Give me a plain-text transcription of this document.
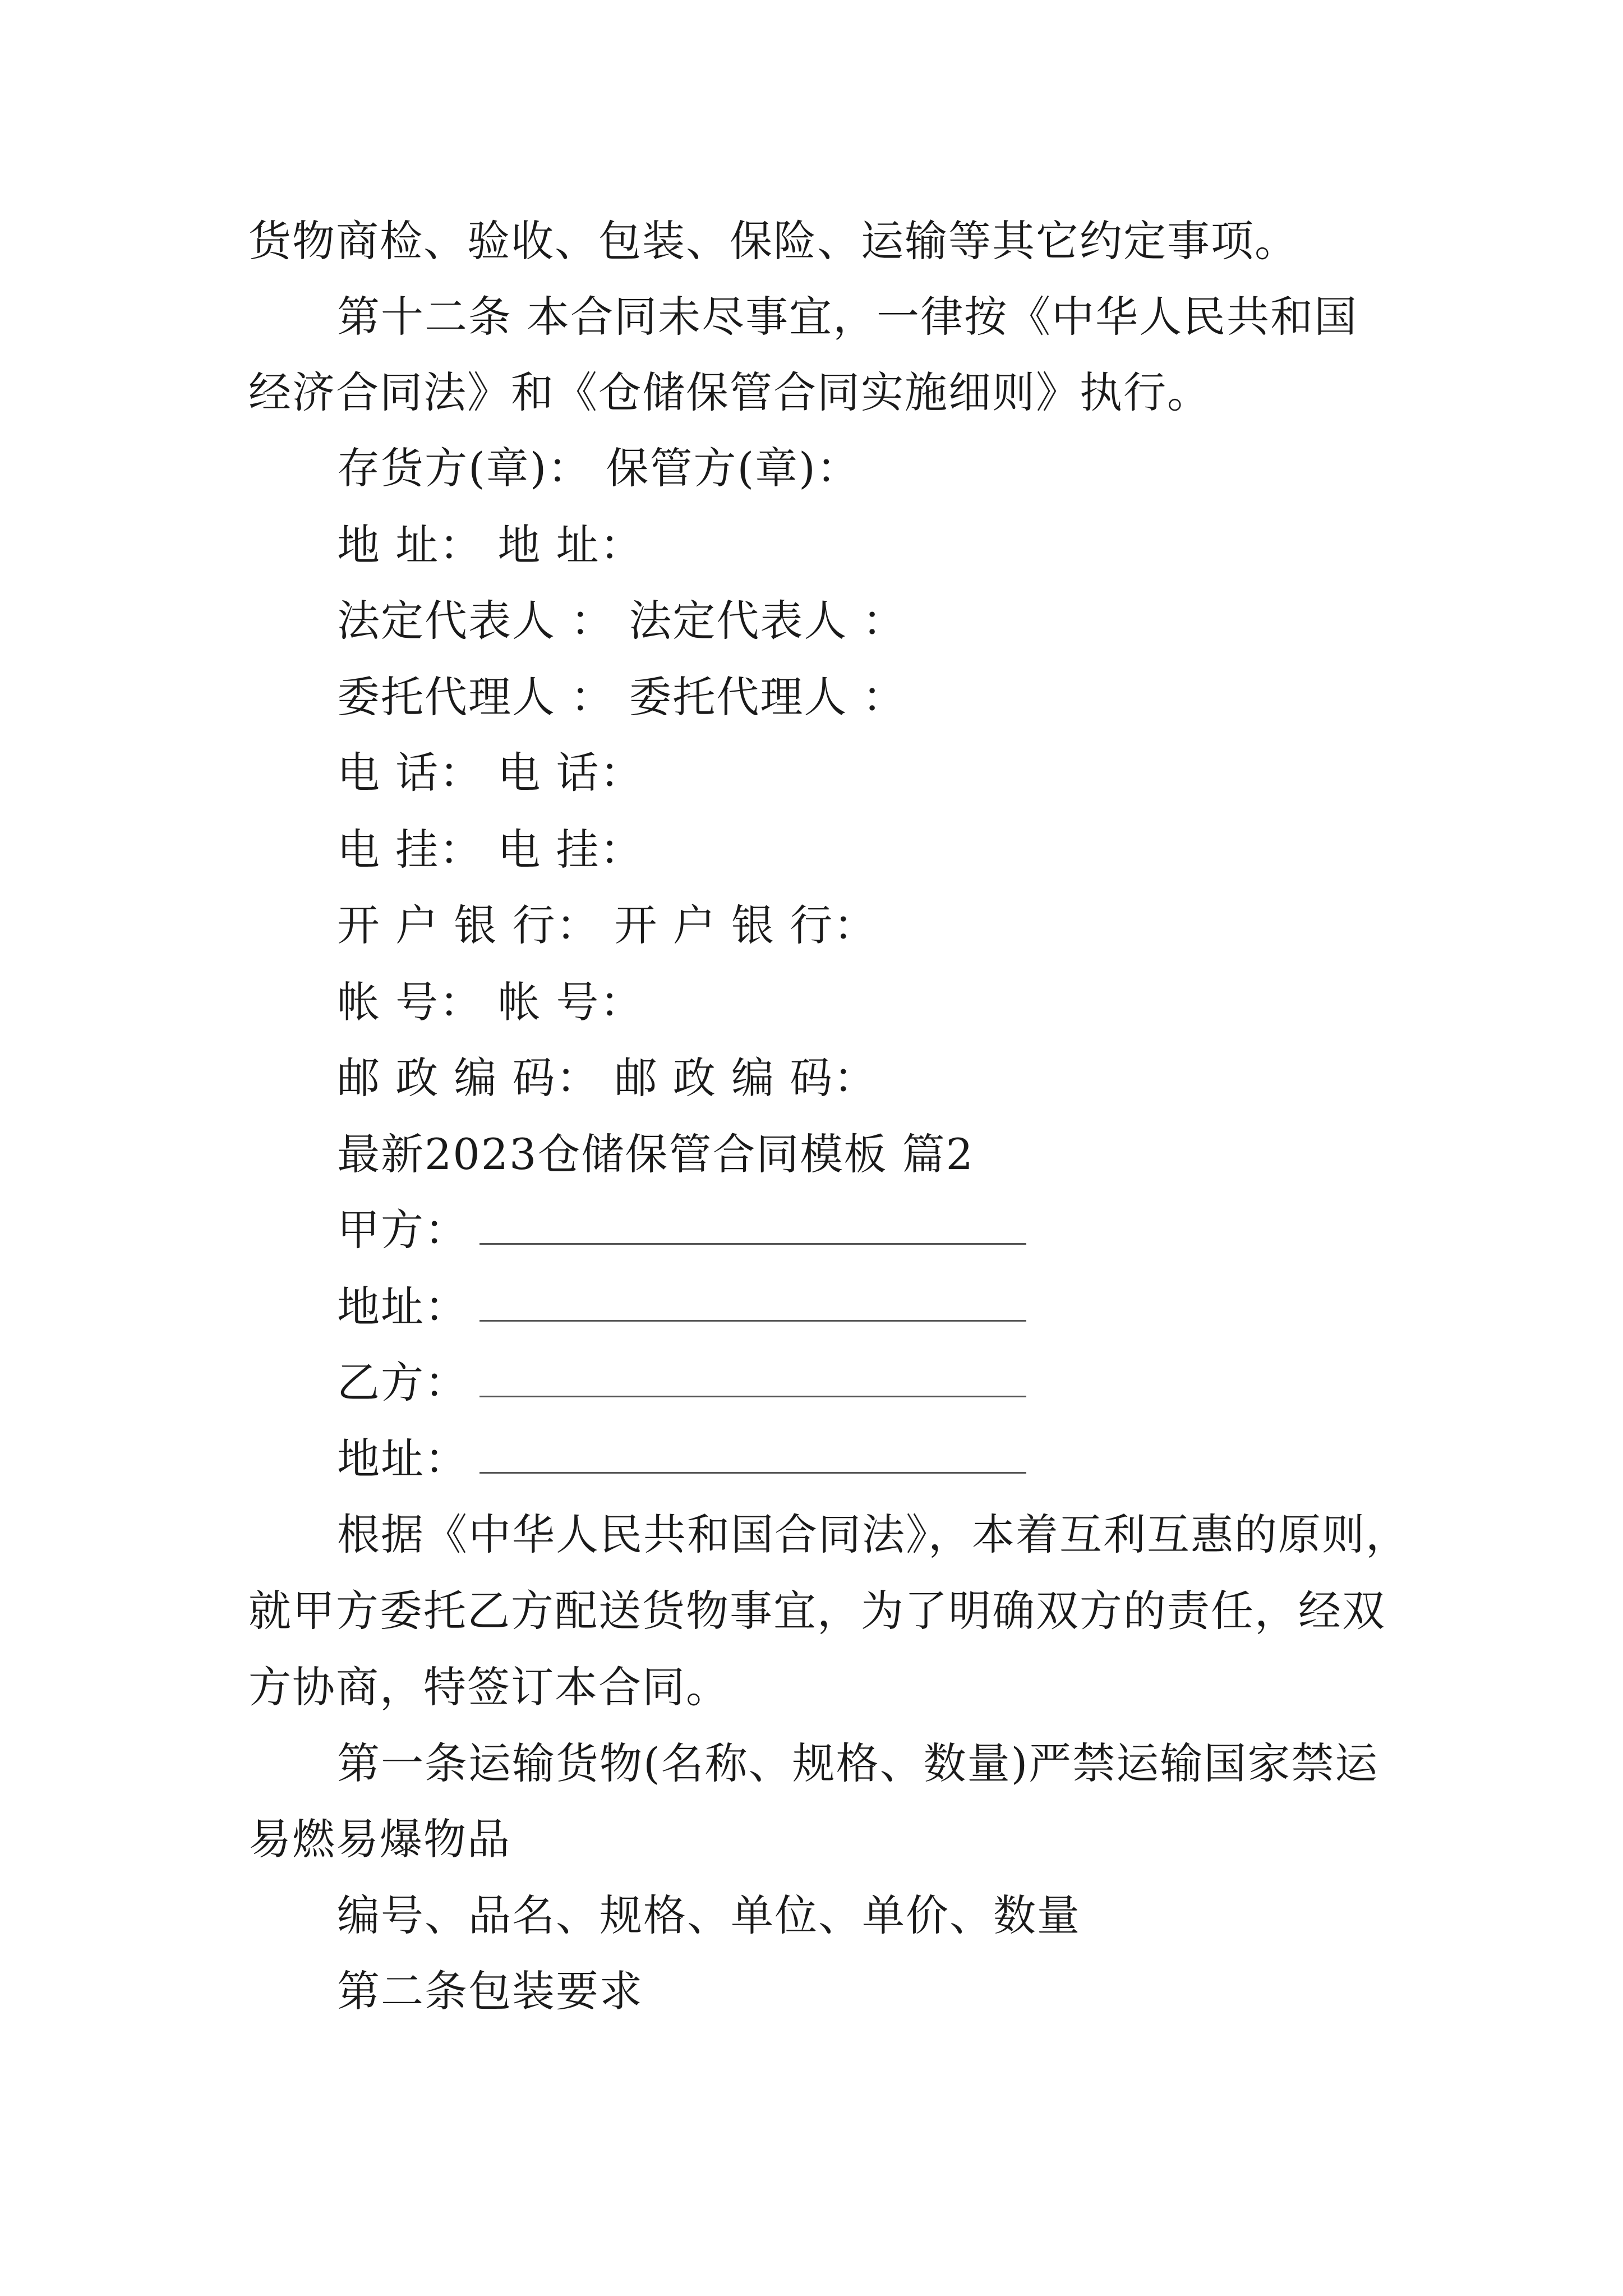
货物商检、验收、包装、保险、运输等其它约定事项。
第十二条 本合同未尽事宜，一律按《中华人民共和国
经济合同法》和《仓储保管合同实施细则》执行。
存货方(章)： 保管方(章)：
地 址： 地 址：
法定代表人 ： 法定代表人 ：
委托代理人 ： 委托代理人 ：
电 话： 电 话：
电 挂： 电 挂：
开 户 银 行： 开 户 银 行：
帐 号： 帐 号：
邮 政 编 码： 邮 政 编 码：
最新2023仓储保管合同模板 篇2
甲方：
地址：
乙方：
地址：
根据《中华人民共和国合同法》，本着互利互惠的原则，
就甲方委托乙方配送货物事宜，为了明确双方的责任，经双
方协商，特签订本合同。
第一条运输货物(名称、规格、数量)严禁运输国家禁运
易燃易爆物品
编号、品名、规格、单位、单价、数量
第二条包装要求
